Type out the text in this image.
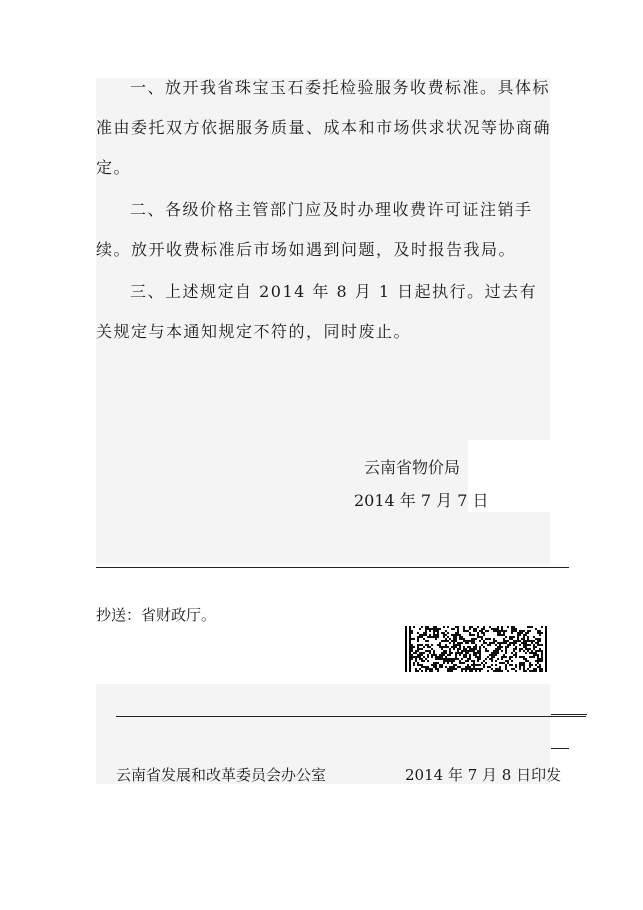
一、放开我省珠宝玉石委托检验服务收费标准。具体标准由委托双方依据服务质量、成本和市场供求状况等协商确定。

二、各级价格主管部门应及时办理收费许可证注销手续。放开收费标准后市场如遇到问题，及时报告我局。

三、上述规定自 2014 年 8 月 1 日起执行。过去有关规定与本通知规定不符的，同时废止。

云南省物价局
2014 年 7 月 7 日
抄送：省财政厅。
云南省发展和改革委员会办公室	2014 年 7 月 8 日印发
